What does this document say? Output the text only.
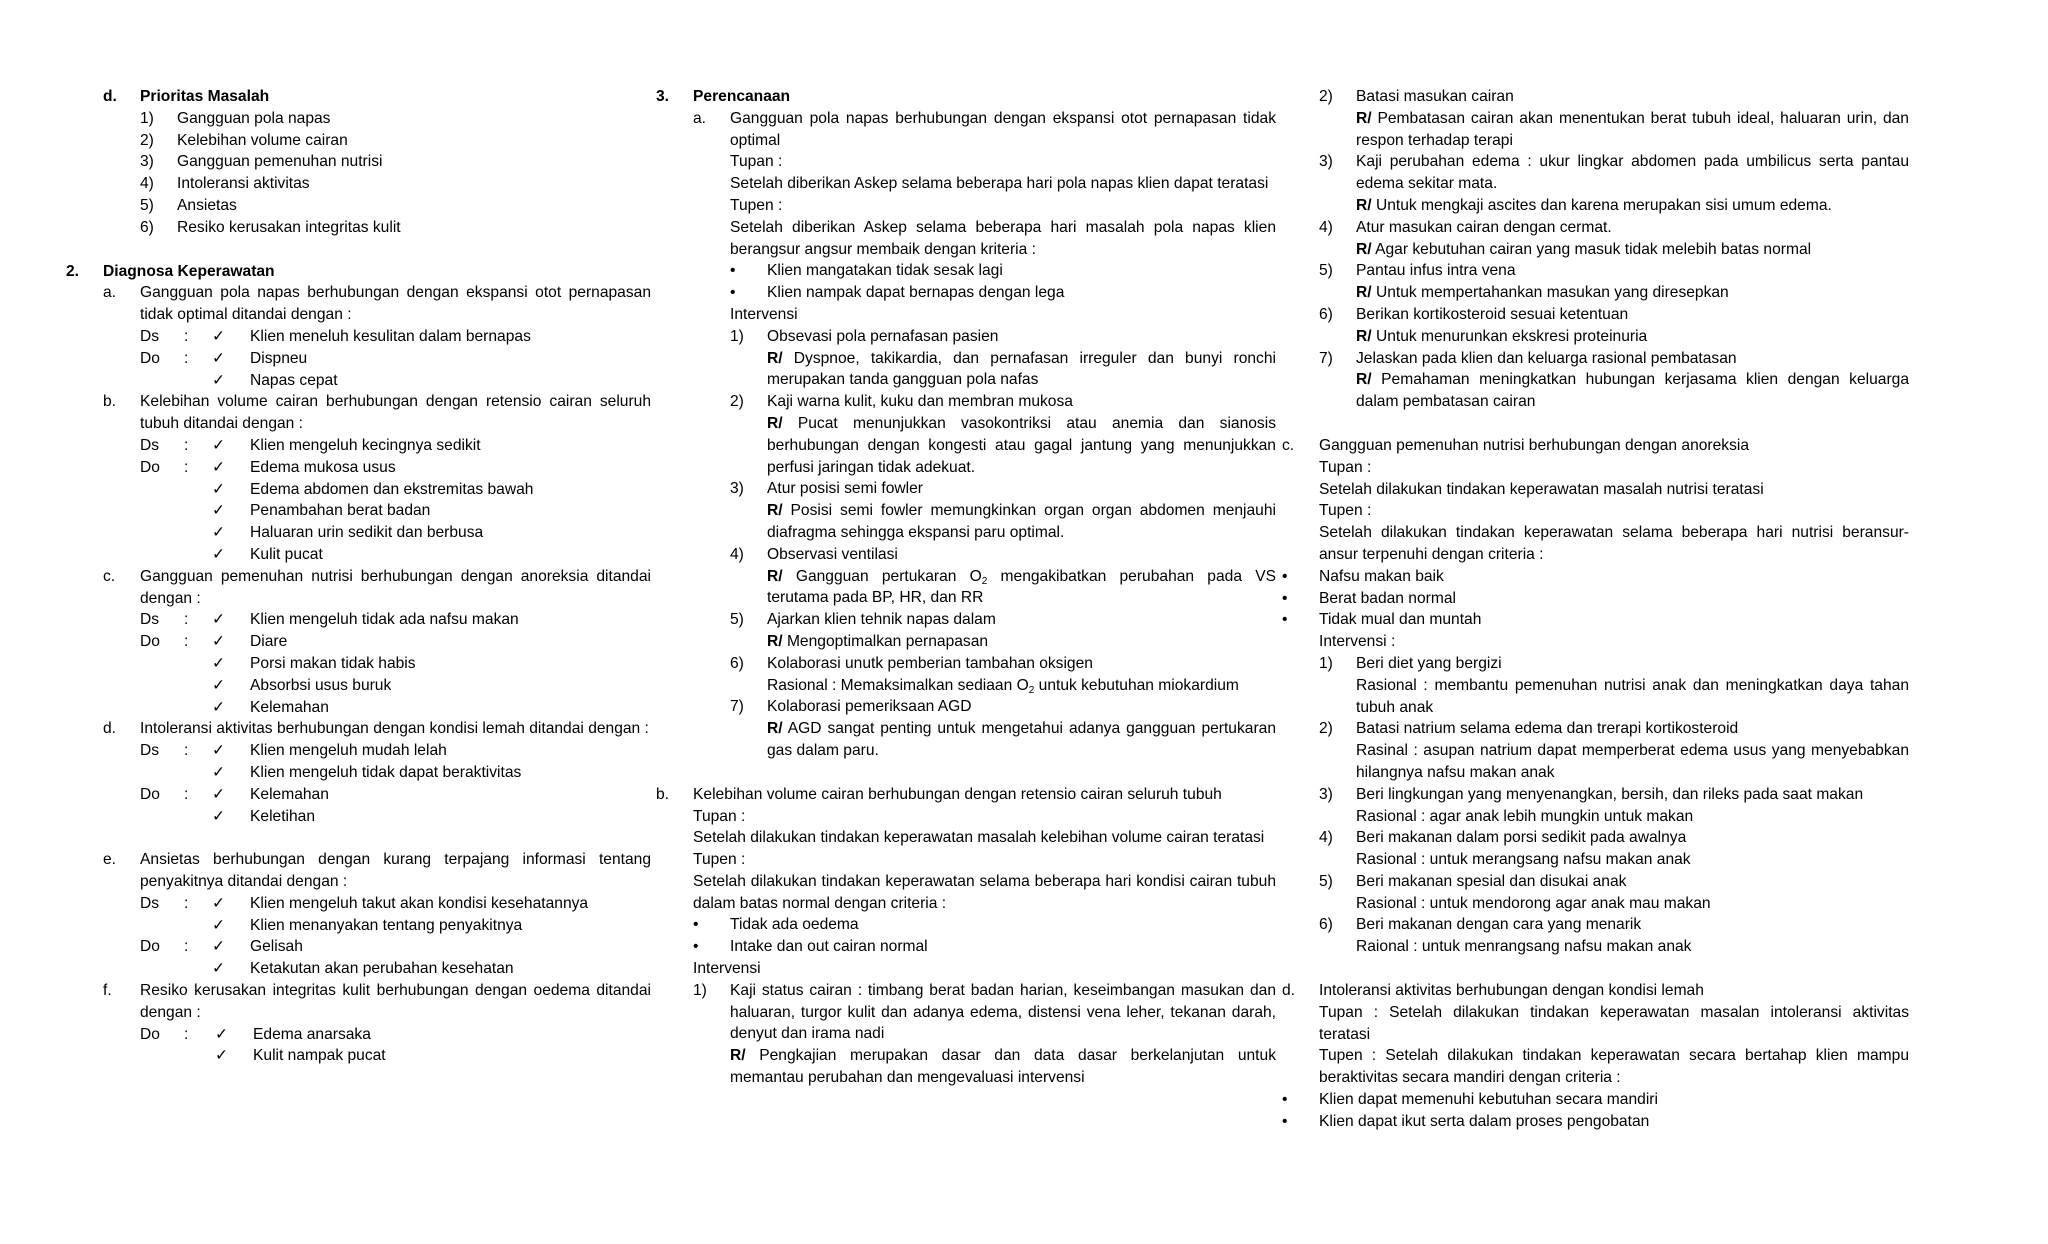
d.	Prioritas Masalah
1)	Gangguan pola napas
2)	Kelebihan volume cairan
3)	Gangguan pemenuhan nutrisi
4)	Intoleransi aktivitas
5)	Ansietas
6)	Resiko kerusakan integritas kulit
2.	Diagnosa Keperawatan
a.	Gangguan pola napas berhubungan dengan ekspansi otot pernapasan tidak optimal ditandai dengan :
Ds : ✓	Klien meneluh kesulitan dalam bernapas
Do : ✓	Dispneu
✓Napas cepat
b.	Kelebihan volume cairan berhubungan dengan retensio cairan seluruh tubuh ditandai dengan :
Ds : ✓	Klien mengeluh kecingnya sedikit
Do : ✓	Edema mukosa usus
✓Edema abdomen dan ekstremitas bawah
✓Penambahan berat badan
✓Haluaran urin sedikit dan berbusa
✓Kulit pucat
c.	Gangguan pemenuhan nutrisi berhubungan dengan anoreksia ditandai dengan :
Ds : ✓	Klien mengeluh tidak ada nafsu makan
Do : ✓	Diare
✓Porsi makan tidak habis
✓Absorbsi usus buruk
✓Kelemahan
d.	Intoleransi aktivitas berhubungan dengan kondisi lemah ditandai dengan :
Ds : ✓	Klien mengeluh mudah lelah
✓Klien mengeluh tidak dapat beraktivitas
Do : ✓	Kelemahan
✓Keletihan
e.	Ansietas berhubungan dengan kurang terpajang informasi tentang penyakitnya ditandai dengan :
Ds : ✓	Klien mengeluh takut akan kondisi kesehatannya
✓Klien menanyakan tentang penyakitnya
Do : ✓	Gelisah
✓Ketakutan akan perubahan kesehatan
f.	Resiko kerusakan integritas kulit berhubungan dengan oedema ditandai dengan :
Do : ✓	Edema anarsaka
✓Kulit nampak pucat
3.	Perencanaan
a.	Gangguan pola napas berhubungan dengan ekspansi otot pernapasan tidak optimal
Tupan :
Setelah diberikan Askep selama beberapa hari pola napas klien dapat teratasi
Tupen :
Setelah diberikan Askep selama beberapa hari masalah pola napas klien berangsur angsur membaik dengan kriteria :
•	Klien mangatakan tidak sesak lagi
•	Klien nampak dapat bernapas dengan lega
Intervensi
1)	Obsevasi pola pernafasan pasien
R/ Dyspnoe, takikardia, dan pernafasan irreguler dan bunyi ronchi merupakan tanda gangguan pola nafas
2)	Kaji warna kulit, kuku dan membran mukosa
R/ Pucat menunjukkan vasokontriksi atau anemia dan sianosis berhubungan dengan kongesti atau gagal jantung yang menunjukkan perfusi jaringan tidak adekuat.
3)	Atur posisi semi fowler
R/ Posisi semi fowler memungkinkan organ organ abdomen menjauhi diafragma sehingga ekspansi paru optimal.
4)	Observasi ventilasi
R/ Gangguan pertukaran $O_2$ mengakibatkan perubahan pada VS terutama pada BP, HR, dan RR
5)	Ajarkan klien tehnik napas dalam
R/ Mengoptimalkan pernapasan
6)	Kolaborasi unutk pemberian tambahan oksigen
Rasional : Memaksimalkan sediaan $O_2$ untuk kebutuhan miokardium
7)	Kolaborasi pemeriksaan AGD
R/ AGD sangat penting untuk mengetahui adanya gangguan pertukaran gas dalam paru.
b.	Kelebihan volume cairan berhubungan dengan retensio cairan seluruh tubuh
Tupan :
Setelah dilakukan tindakan keperawatan masalah kelebihan volume cairan teratasi
Tupen :
Setelah dilakukan tindakan keperawatan selama beberapa hari kondisi cairan tubuh dalam batas normal dengan criteria :
•	Tidak ada oedema
•	Intake dan out cairan normal
Intervensi
1)	Kaji status cairan : timbang berat badan harian, keseimbangan masukan dan haluaran, turgor kulit dan adanya edema, distensi vena leher, tekanan darah, denyut dan irama nadi
R/ Pengkajian merupakan dasar dan data dasar berkelanjutan untuk memantau perubahan dan mengevaluasi intervensi
2)	Batasi masukan cairan
R/ Pembatasan cairan akan menentukan berat tubuh ideal, haluaran urin, dan respon terhadap terapi
3)	Kaji perubahan edema : ukur lingkar abdomen pada umbilicus serta pantau edema sekitar mata.
R/ Untuk mengkaji ascites dan karena merupakan sisi umum edema.
4)	Atur masukan cairan dengan cermat.
R/ Agar kebutuhan cairan yang masuk tidak melebih batas normal
5)	Pantau infus intra vena
R/ Untuk mempertahankan masukan yang diresepkan
6)	Berikan kortikosteroid sesuai ketentuan
R/ Untuk menurunkan ekskresi proteinuria
7)	Jelaskan pada klien dan keluarga rasional pembatasan
R/ Pemahaman meningkatkan hubungan kerjasama klien dengan keluarga dalam pembatasan cairan
c.	Gangguan pemenuhan nutrisi berhubungan dengan anoreksia
Tupan :
Setelah dilakukan tindakan keperawatan masalah nutrisi teratasi
Tupen :
Setelah dilakukan tindakan keperawatan selama beberapa hari nutrisi beransur-ansur terpenuhi dengan criteria :
•	Nafsu makan baik
•	Berat badan normal
•	Tidak mual dan muntah
Intervensi :
1)	Beri diet yang bergizi
Rasional : membantu pemenuhan nutrisi anak dan meningkatkan daya tahan tubuh anak
2)	Batasi natrium selama edema dan trerapi kortikosteroid
Rasinal : asupan natrium dapat memperberat edema usus yang menyebabkan hilangnya nafsu makan anak
3)	Beri lingkungan yang menyenangkan, bersih, dan rileks pada saat makan
Rasional : agar anak lebih mungkin untuk makan
4)	Beri makanan dalam porsi sedikit pada awalnya
Rasional : untuk merangsang nafsu makan anak
5)	Beri makanan spesial dan disukai anak
Rasional : untuk mendorong agar anak mau makan
6)	Beri makanan dengan cara yang menarik
Raional : untuk menrangsang nafsu makan anak
d.	Intoleransi aktivitas berhubungan dengan kondisi lemah
Tupan : Setelah dilakukan tindakan keperawatan masalan intoleransi aktivitas teratasi
Tupen : Setelah dilakukan tindakan keperawatan secara bertahap klien mampu beraktivitas secara mandiri dengan criteria :
•	Klien dapat memenuhi kebutuhan secara mandiri
•	Klien dapat ikut serta dalam proses pengobatan
